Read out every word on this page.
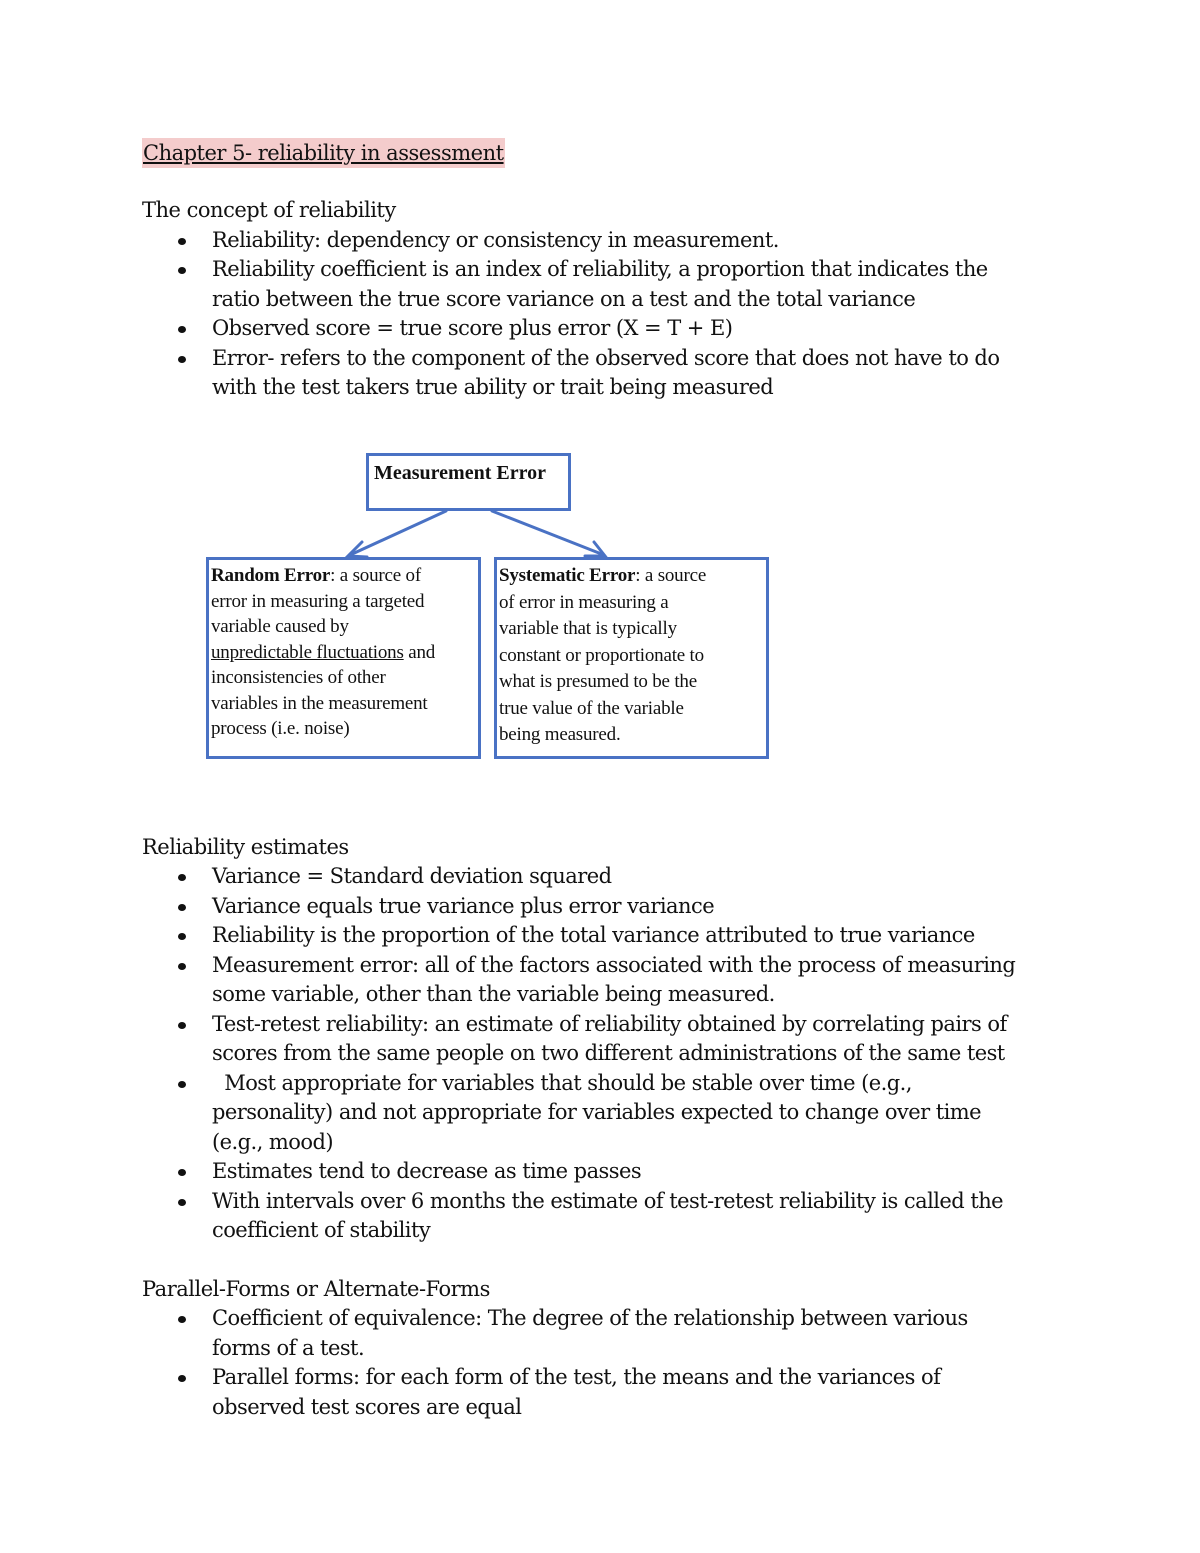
Chapter 5- reliability in assessment

The concept of reliability

Reliability: dependency or consistency in measurement.
Reliability coefficient is an index of reliability, a proportion that indicates the
ratio between the true score variance on a test and the total variance
Observed score = true score plus error (X = T + E)
Error- refers to the component of the observed score that does not have to do
with the test takers true ability or trait being measured

Reliability estimates

Variance = Standard deviation squared
Variance equals true variance plus error variance
Reliability is the proportion of the total variance attributed to true variance
Measurement error: all of the factors associated with the process of measuring
some variable, other than the variable being measured.
Test-retest reliability: an estimate of reliability obtained by correlating pairs of
scores from the same people on two different administrations of the same test
Most appropriate for variables that should be stable over time (e.g.,
personality) and not appropriate for variables expected to change over time
(e.g., mood)
Estimates tend to decrease as time passes
With intervals over 6 months the estimate of test-retest reliability is called the
coefficient of stability

Parallel-Forms or Alternate-Forms

Coefficient of equivalence: The degree of the relationship between various
forms of a test.
Parallel forms: for each form of the test, the means and the variances of
observed test scores are equal
Measurement Error

Random Error: a source of
error in measuring a targeted
variable caused by
unpredictable fluctuations and
inconsistencies of other
variables in the measurement
process (i.e. noise)

Systematic Error: a source
of error in measuring a
variable that is typically
constant or proportionate to
what is presumed to be the
true value of the variable
being measured.
